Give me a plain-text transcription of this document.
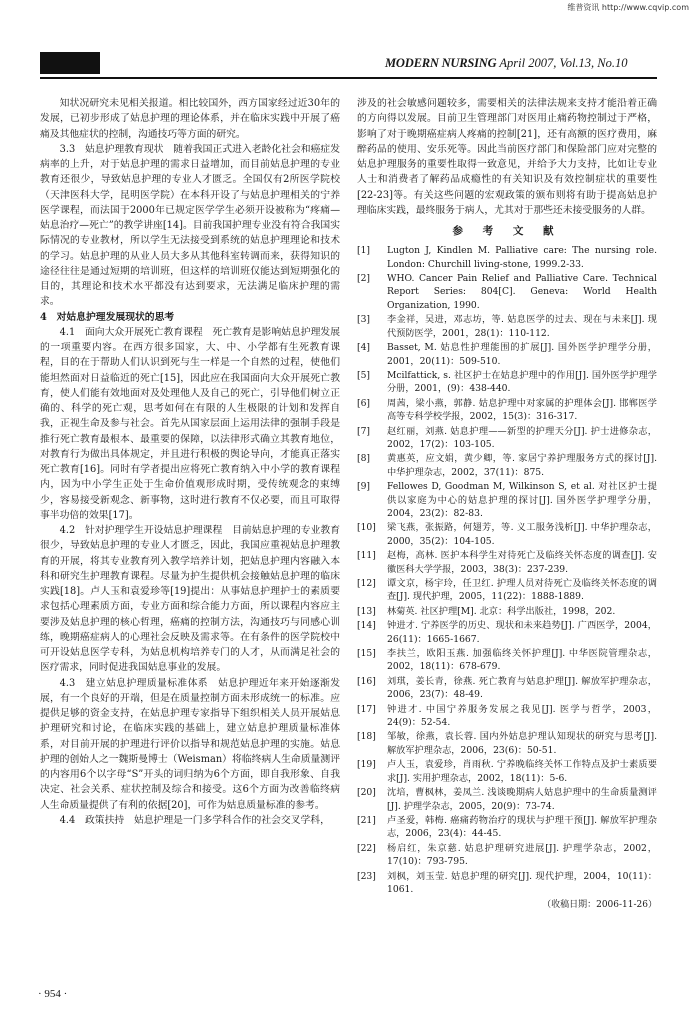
维普资讯 http://www.cqvip.com
MODERN NURSING April 2007, Vol.13, No.10

知状况研究未见相关报道。相比较国外，西方国家经过近30年的发展，已初步形成了姑息护理的理论体系，并在临床实践中开展了癌痛及其他症状的控制，沟通技巧等方面的研究。

3.3　姑息护理教育现状　随着我国正式进入老龄化社会和癌症发病率的上升，对于姑息护理的需求日益增加，而目前姑息护理的专业教育还很少，导致姑息护理的专业人才匮乏。全国仅有2所医学院校（天津医科大学，昆明医学院）在本科开设了与姑息护理相关的宁养医学课程，而法国于2000年已规定医学学生必须开设被称为“疼痛—姑息治疗—死亡”的教学讲座[14]。目前我国护理专业没有符合我国实际情况的专业教材，所以学生无法接受到系统的姑息护理理论和技术的学习。姑息护理的从业人员大多从其他科室转调而来，获得知识的途径往往是通过短期的培训班，但这样的培训班仅能达到短期强化的目的，其理论和技术水平都没有达到要求，无法满足临床护理的需求。

4　对姑息护理发展现状的思考

4.1　面向大众开展死亡教育课程　死亡教育是影响姑息护理发展的一项重要内容。在西方很多国家，大、中、小学都有生死教育课程，目的在于帮助人们认识到死与生一样是一个自然的过程，使他们能坦然面对日益临近的死亡[15]，因此应在我国面向大众开展死亡教育，使人们能有效地面对及处理他人及自己的死亡，引导他们树立正确的、科学的死亡观，思考如何在有限的人生极限的计划和发挥自我，正视生命及参与社会。首先从国家层面上运用法律的强制手段是推行死亡教育最根本、最重要的保障，以法律形式确立其教育地位，对教育行为做出具体规定，并且进行积极的舆论导向，才能真正落实死亡教育[16]。同时有学者提出应将死亡教育纳入中小学的教育课程内，因为中小学生正处于生命价值观形成时期，受传统观念的束缚少，容易接受新观念、新事物，这时进行教育不仅必要，而且可取得事半功倍的效果[17]。

4.2　针对护理学生开设姑息护理课程　目前姑息护理的专业教育很少，导致姑息护理的专业人才匮乏，因此，我国应重视姑息护理教育的开展，将其专业教育列入教学培养计划，把姑息护理内容融入本科和研究生护理教育课程。尽量为护生提供机会接触姑息护理的临床实践[18]。卢人玉和袁爱珍等[19]提出：从事姑息护理护士的素质要求包括心理素质方面，专业方面和综合能力方面，所以课程内容应主要涉及姑息护理的核心哲理，癌痛的控制方法，沟通技巧与同感心训练，晚期癌症病人的心理社会反映及需求等。在有条件的医学院校中可开设姑息医学专科，为姑息机构培养专门的人才，从而满足社会的医疗需求，同时促进我国姑息事业的发展。

4.3　建立姑息护理质量标准体系　姑息护理近年来开始逐渐发展，有一个良好的开端，但是在质量控制方面未形成统一的标准。应提供足够的资金支持，在姑息护理专家指导下组织相关人员开展姑息护理研究和讨论，在临床实践的基础上，建立姑息护理质量标准体系，对目前开展的护理进行评价以指导和规范姑息护理的实施。姑息护理的创始人之一魏斯曼博士（Weisman）将临终病人生命质量测评的内容用6个以字母“S”开头的词归纳为6个方面，即自我形象、自我决定、社会关系、症状控制及综合和接受。这6个方面为改善临终病人生命质量提供了有利的依据[20]，可作为姑息质量标准的参考。

4.4　政策扶持　姑息护理是一门多学科合作的社会交叉学科，

涉及的社会敏感问题较多，需要相关的法律法规来支持才能沿着正确的方向得以发展。目前卫生管理部门对医用止痛药物控制过于严格，影响了对于晚期癌症病人疼痛的控制[21]，还有高额的医疗费用，麻醉药品的使用、安乐死等。因此当前医疗部门和保险部门应对完整的姑息护理服务的重要性取得一致意见，并给予大力支持，比如让专业人士和消费者了解药品成瘾性的有关知识及有效控制症状的重要性[22-23]等。有关这些问题的宏观政策的颁布则将有助于提高姑息护理临床实践，最终服务于病人，尤其对于那些还未接受服务的人群。

参 考 文 献
[1]	Lugton J, Kindlen M. Palliative care: The nursing role. London: Churchill living-stone, 1999.2-33.
[2]	WHO. Cancer Pain Relief and Palliative Care. Technical Report Series: 804[C]. Geneva: World Health Organization, 1990.
[3]	李金祥，吴进，邓志坊，等. 姑息医学的过去、现在与未来[J]. 现代预防医学，2001，28(1)：110-112.
[4]	Basset, M. 姑息性护理能围的扩展[J]. 国外医学护理学分册，2001，20(11)：509-510.
[5]	Mcilfattick, s. 社区护士在姑息护理中的作用[J]. 国外医学护理学分册，2001，(9)：438-440.
[6]	周茜，梁小燕，郭静. 姑息护理中对家属的护理体会[J]. 邯郸医学高等专科学校学报，2002，15(3)：316-317.
[7]	赵红丽，刘燕. 姑息护理——新型的护理天分[J]. 护士进修杂志，2002，17(2)：103-105.
[8]	黄惠英，应文娟，黄少卿，等. 家居宁养护理服务方式的探讨[J]. 中华护理杂志，2002，37(11)：875.
[9]	Fellowes D, Goodman M, Wilkinson S, et al. 对社区护士提供以家庭为中心的姑息护理的探讨[J]. 国外医学护理学分册，2004，23(2)：82-83.
[10]	梁飞燕，张振路，何翅芳，等. 义工服务浅析[J]. 中华护理杂志，2000，35(2)：104-105.
[11]	赵梅，高林. 医护本科学生对待死亡及临终关怀态度的调查[J]. 安徽医科大学学报，2003，38(3)：237-239.
[12]	谭文京，杨宇玲，任卫红. 护理人员对待死亡及临终关怀态度的调查[J]. 现代护理，2005，11(22)：1888-1889.
[13]	林菊英. 社区护理[M]. 北京：科学出版社，1998，202.
[14]	钟进才. 宁养医学的历史、现状和未来趋势[J]. 广西医学，2004，26(11)：1665-1667.
[15]	李扶兰，欧阳玉燕. 加强临终关怀护理[J]. 中华医院管理杂志，2002，18(11)：678-679.
[16]	刘琪，姜长青，徐燕. 死亡教育与姑息护理[J]. 解放军护理杂志，2006，23(7)：48-49.
[17]	钟进才. 中国宁养服务发展之我见[J]. 医学与哲学，2003，24(9)：52-54.
[18]	邹敏，徐燕，袁长蓉. 国内外姑息护理认知现状的研究与思考[J]. 解放军护理杂志，2006，23(6)：50-51.
[19]	卢人玉，袁爱珍，肖雨秋. 宁养晚临终关怀工作特点及护士素质要求[J]. 实用护理杂志，2002，18(11)：5-6.
[20]	沈培，曹枫林，姜凤兰. 浅谈晚期病人姑息护理中的生命质量测评[J]. 护理学杂志，2005，20(9)：73-74.
[21]	卢圣爱，韩梅. 癌痛药物治疗的现状与护理干预[J]. 解放军护理杂志，2006，23(4)：44-45.
[22]	杨启红，朱京慈. 姑息护理研究进展[J]. 护理学杂志，2002，17(10)：793-795.
[23]	刘枫，刘玉莹. 姑息护理的研究[J]. 现代护理，2004，10(11)：1061.
（收稿日期：2006-11-26）
· 954 ·
